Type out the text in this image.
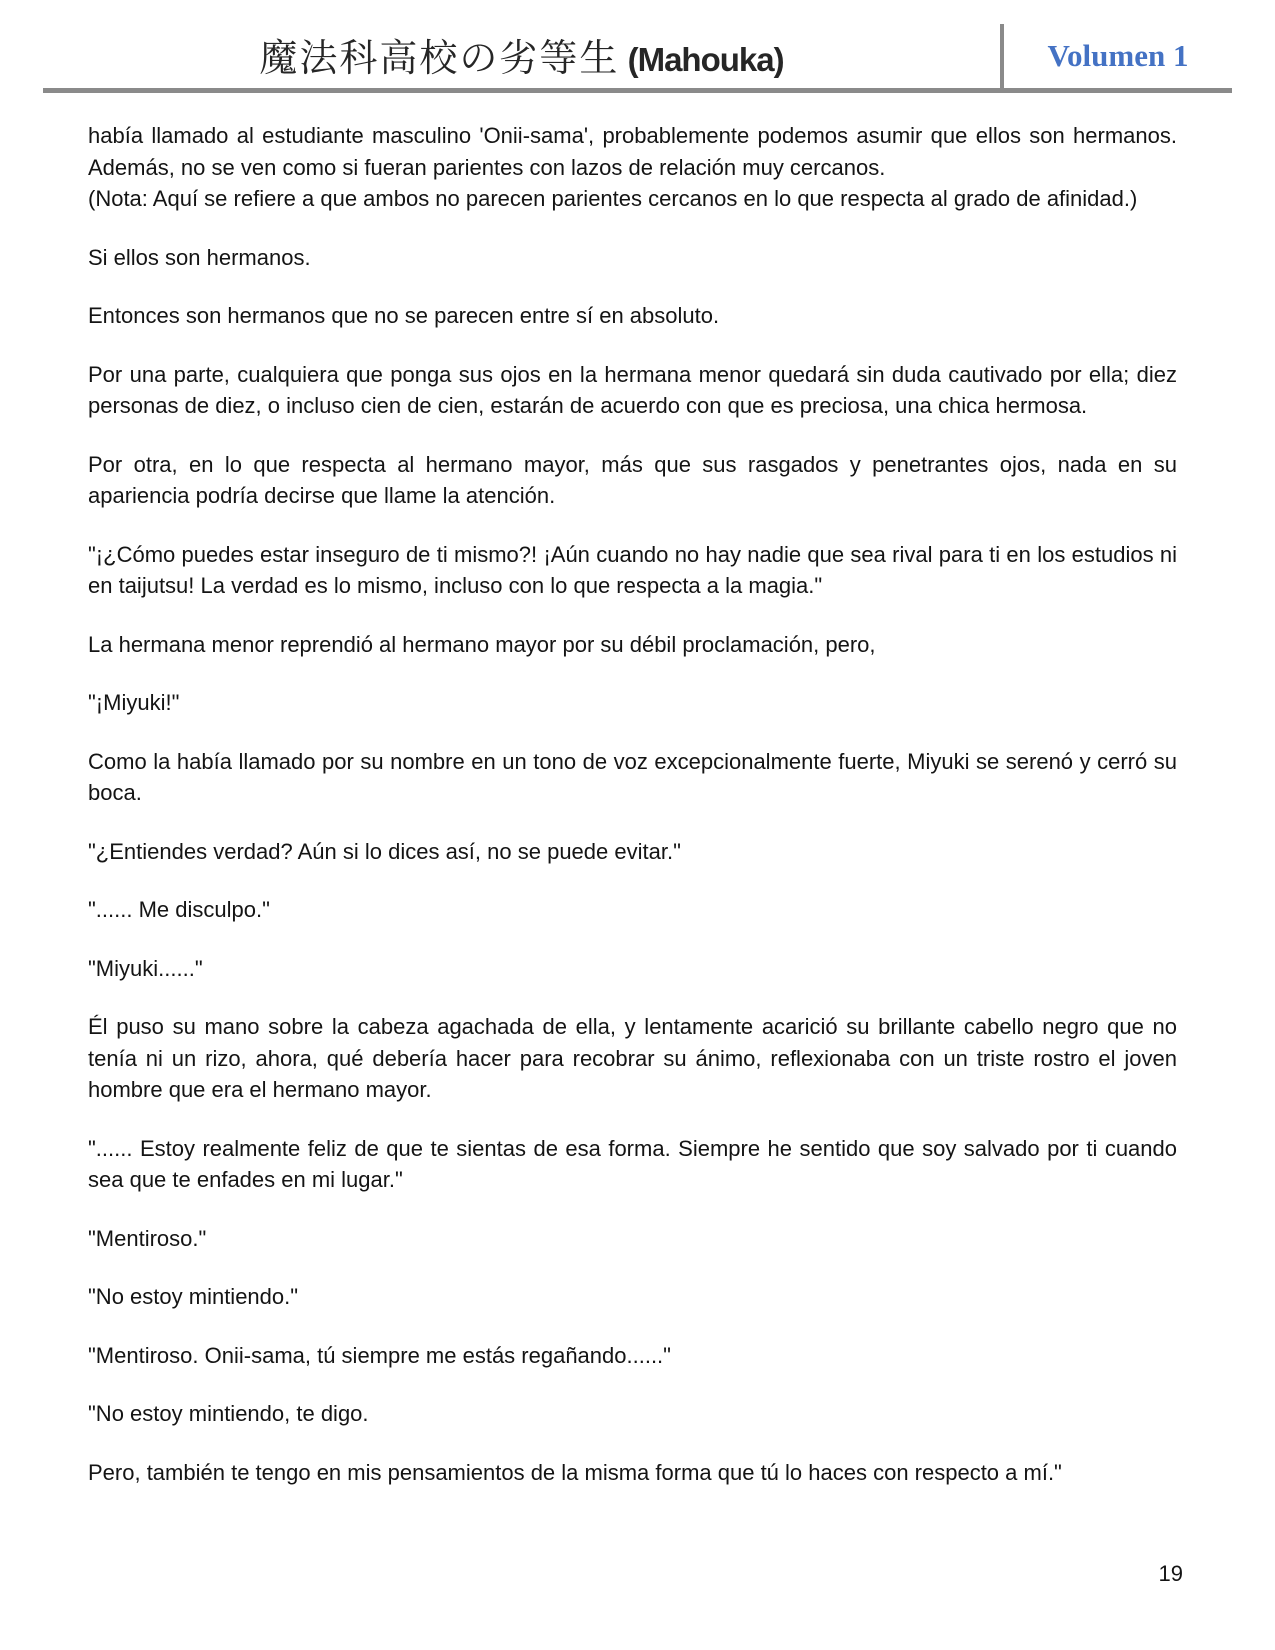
魔法科高校の劣等生 (Mahouka)	Volumen 1

había llamado al estudiante masculino 'Onii-sama', probablemente podemos asumir que ellos son hermanos. Además, no se ven como si fueran parientes con lazos de relación muy cercanos.

(Nota: Aquí se refiere a que ambos no parecen parientes cercanos en lo que respecta al grado de afinidad.)

Si ellos son hermanos.

Entonces son hermanos que no se parecen entre sí en absoluto.

Por una parte, cualquiera que ponga sus ojos en la hermana menor quedará sin duda cautivado por ella; diez personas de diez, o incluso cien de cien, estarán de acuerdo con que es preciosa, una chica hermosa.

Por otra, en lo que respecta al hermano mayor, más que sus rasgados y penetrantes ojos, nada en su apariencia podría decirse que llame la atención.

"¡¿Cómo puedes estar inseguro de ti mismo?! ¡Aún cuando no hay nadie que sea rival para ti en los estudios ni en taijutsu! La verdad es lo mismo, incluso con lo que respecta a la magia."

La hermana menor reprendió al hermano mayor por su débil proclamación, pero,

"¡Miyuki!"

Como la había llamado por su nombre en un tono de voz excepcionalmente fuerte, Miyuki se serenó y cerró su boca.

"¿Entiendes verdad? Aún si lo dices así, no se puede evitar."

"...... Me disculpo."

"Miyuki......"

Él puso su mano sobre la cabeza agachada de ella, y lentamente acarició su brillante cabello negro que no tenía ni un rizo, ahora, qué debería hacer para recobrar su ánimo, reflexionaba con un triste rostro el joven hombre que era el hermano mayor.

"...... Estoy realmente feliz de que te sientas de esa forma. Siempre he sentido que soy salvado por ti cuando sea que te enfades en mi lugar."

"Mentiroso."

"No estoy mintiendo."

"Mentiroso. Onii-sama, tú siempre me estás regañando......"

"No estoy mintiendo, te digo.

Pero, también te tengo en mis pensamientos de la misma forma que tú lo haces con respecto a mí."

19
